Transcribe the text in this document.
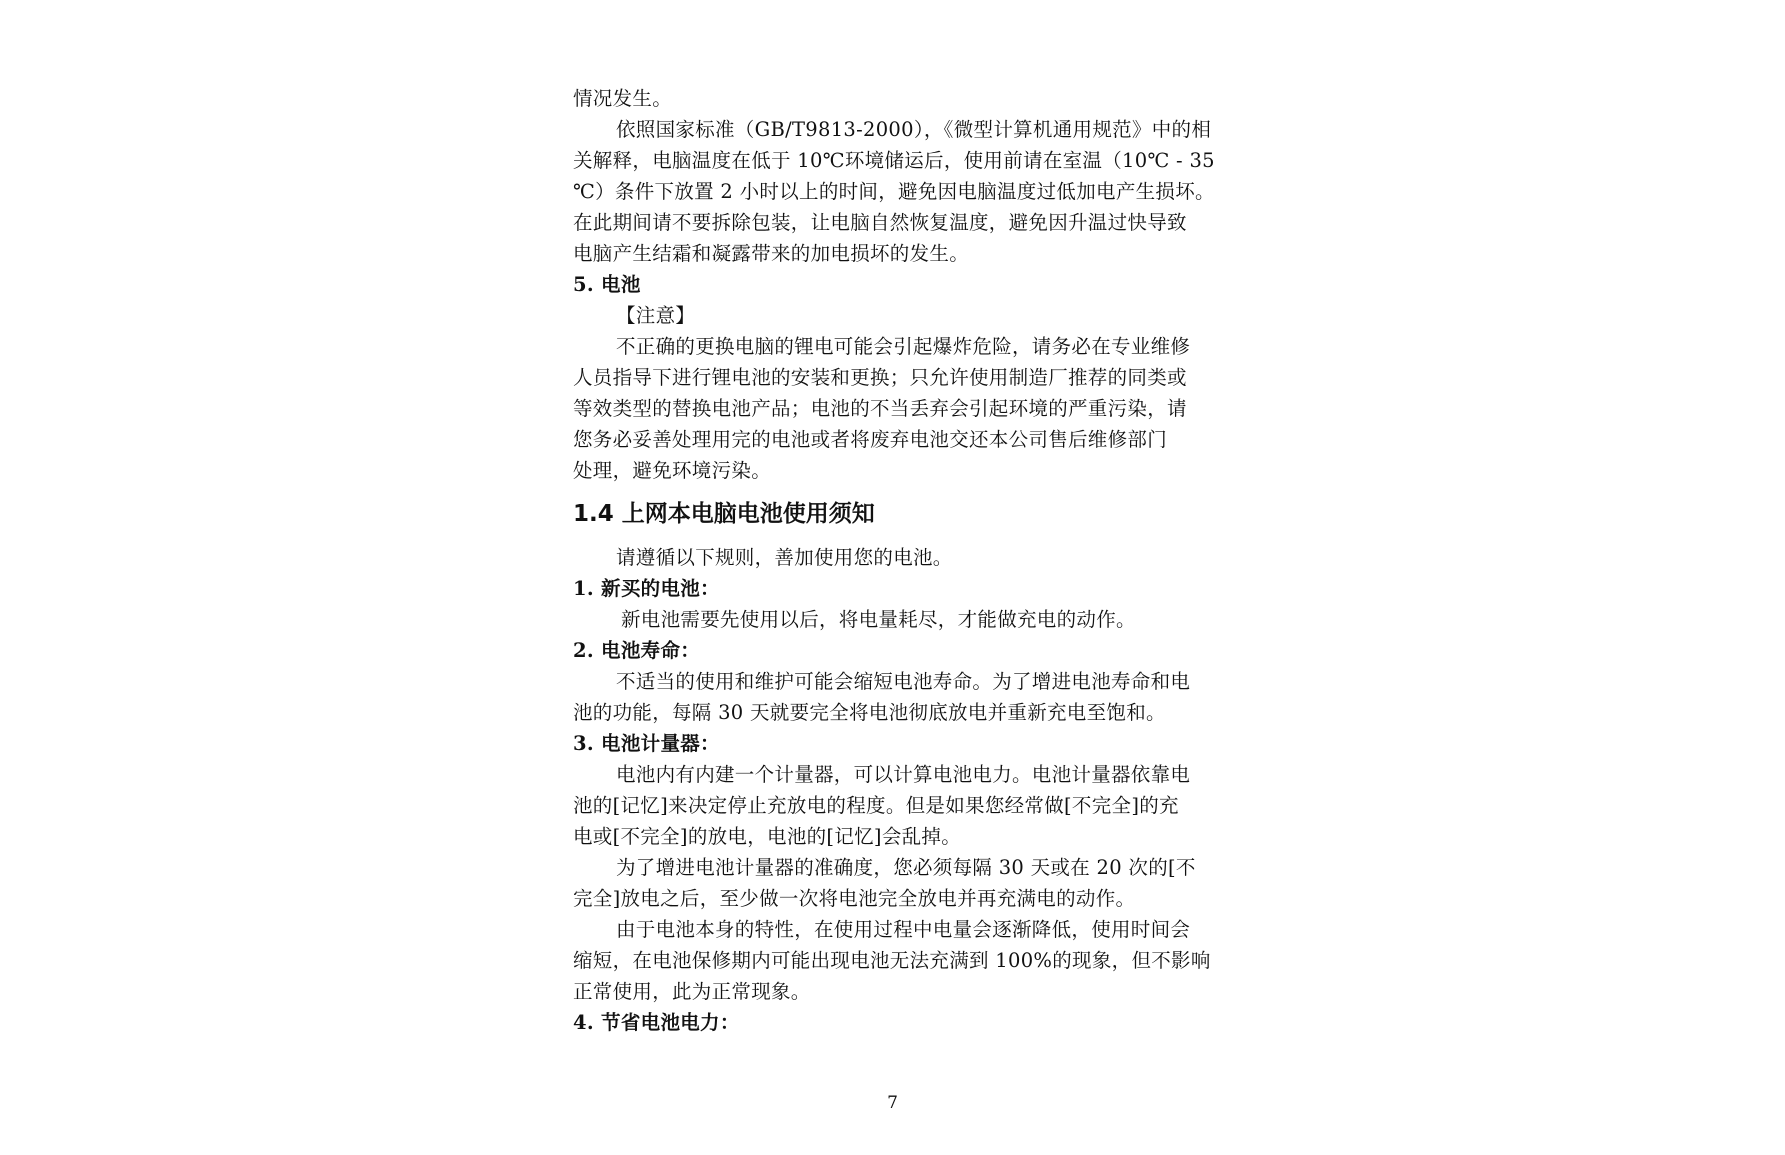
情况发生。
依照国家标准（GB/T9813-2000），《微型计算机通用规范》中的相
关解释，电脑温度在低于 10℃环境储运后，使用前请在室温（10℃ - 35
℃）条件下放置 2 小时以上的时间，避免因电脑温度过低加电产生损坏。
在此期间请不要拆除包装，让电脑自然恢复温度，避免因升温过快导致
电脑产生结霜和凝露带来的加电损坏的发生。
5. 电池
【注意】
不正确的更换电脑的锂电可能会引起爆炸危险，请务必在专业维修
人员指导下进行锂电池的安装和更换；只允许使用制造厂推荐的同类或
等效类型的替换电池产品；电池的不当丢弃会引起环境的严重污染，请
您务必妥善处理用完的电池或者将废弃电池交还本公司售后维修部门
处理，避免环境污染。
1.4 上网本电脑电池使用须知
请遵循以下规则，善加使用您的电池。
1. 新买的电池：
新电池需要先使用以后，将电量耗尽，才能做充电的动作。
2. 电池寿命：
不适当的使用和维护可能会缩短电池寿命。为了增进电池寿命和电
池的功能，每隔 30 天就要完全将电池彻底放电并重新充电至饱和。
3. 电池计量器：
电池内有内建一个计量器，可以计算电池电力。电池计量器依靠电
池的[记忆]来决定停止充放电的程度。但是如果您经常做[不完全]的充
电或[不完全]的放电，电池的[记忆]会乱掉。
为了增进电池计量器的准确度，您必须每隔 30 天或在 20 次的[不
完全]放电之后，至少做一次将电池完全放电并再充满电的动作。
由于电池本身的特性，在使用过程中电量会逐渐降低，使用时间会
缩短，在电池保修期内可能出现电池无法充满到 100%的现象，但不影响
正常使用，此为正常现象。
4. 节省电池电力：
7
